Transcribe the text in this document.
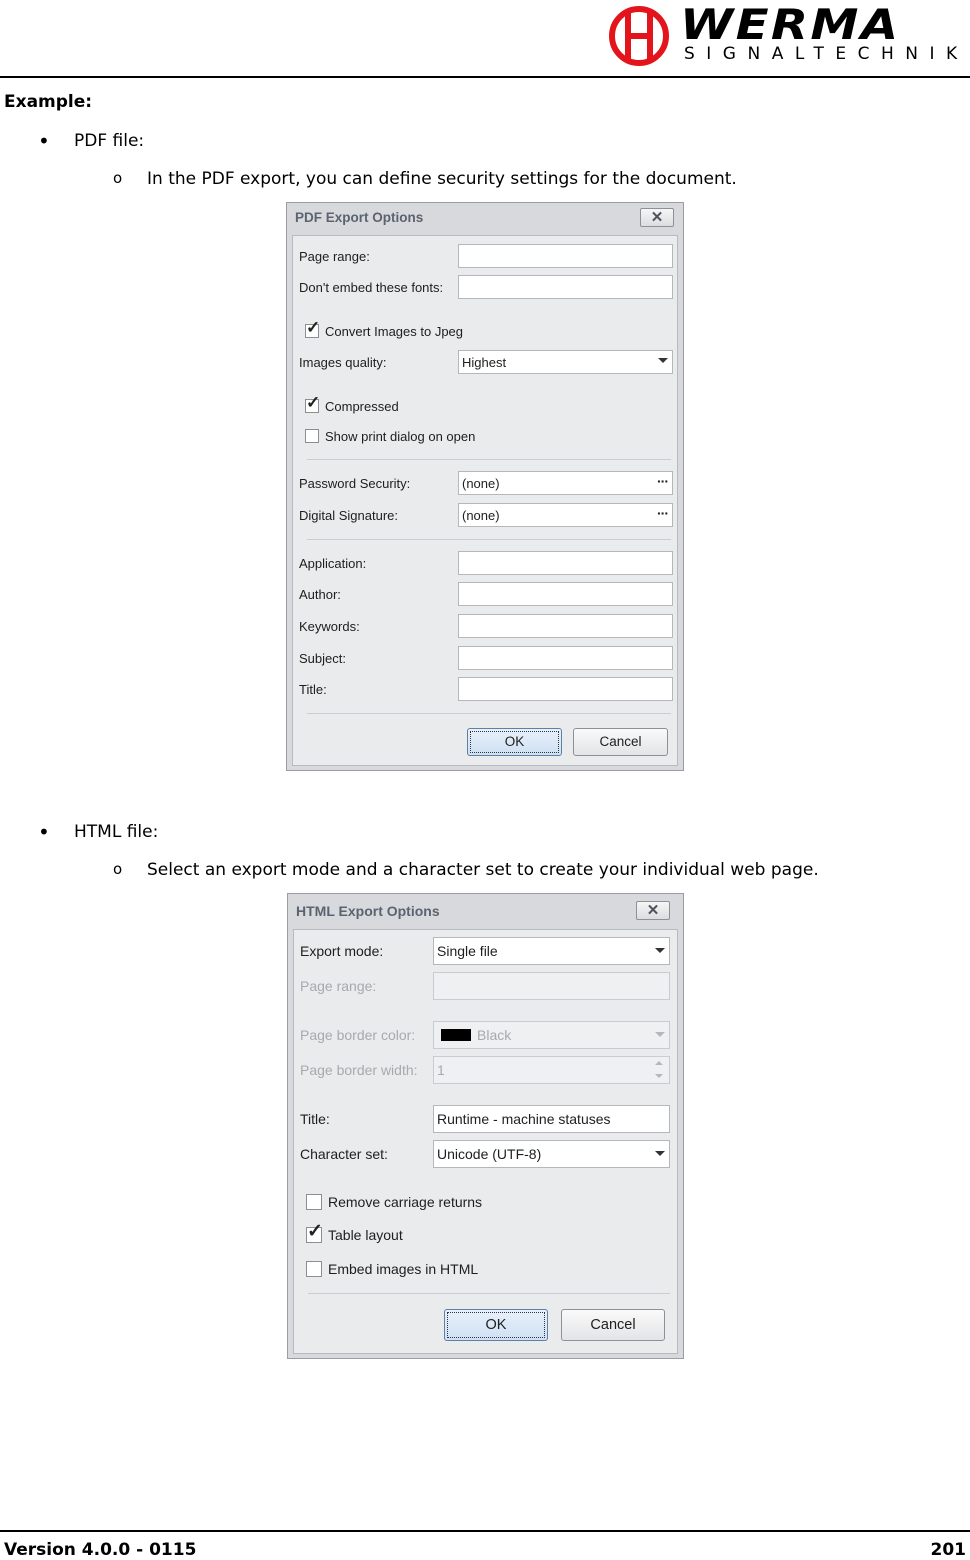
WERMA
SIGNALTECHNIK
Example:
• PDF file:
o In the PDF export, you can define security settings for the document.
PDF Export Options	✕
Page range:
Don't embed these fonts:
✓ Convert Images to Jpeg
Images quality:	Highest
✓ Compressed
Show print dialog on open
Password Security:	(none)	···
Digital Signature:	(none)	···
Application:
Author:
Keywords:
Subject:
Title:
OK	Cancel
• HTML file:
o Select an export mode and a character set to create your individual web page.
HTML Export Options	✕
Export mode:	Single file
Page range:
Page border color:	Black
Page border width: 1
Title:	Runtime - machine statuses
Character set:	Unicode (UTF-8)
Remove carriage returns
✓ Table layout
Embed images in HTML
OK	Cancel
Version 4.0.0 - 0115	201
